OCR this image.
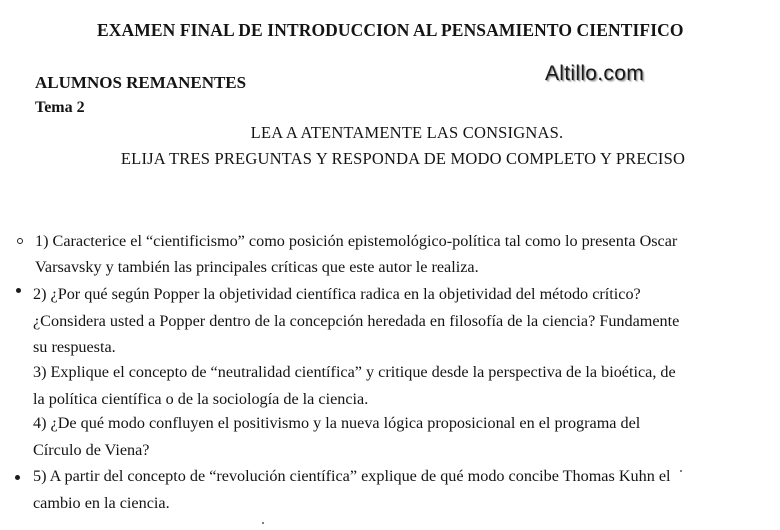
EXAMEN FINAL DE INTRODUCCION AL PENSAMIENTO CIENTIFICO
ALUMNOS REMANENTES
Tema 2
Altillo.com
LEA A ATENTAMENTE LAS CONSIGNAS.
ELIJA TRES PREGUNTAS Y RESPONDA DE MODO COMPLETO Y PRECISO
1) Caracterice el “cientificismo” como posición epistemológico-política tal como lo presenta Oscar
Varsavsky y también las principales críticas que este autor le realiza.
2) ¿Por qué según Popper la objetividad científica radica en la objetividad del método crítico?
¿Considera usted a Popper dentro de la concepción heredada en filosofía de la ciencia? Fundamente
su respuesta.
3) Explique el concepto de “neutralidad científica” y critique desde la perspectiva de la bioética, de
la política científica o de la sociología de la ciencia.
4) ¿De qué modo confluyen el positivismo y la nueva lógica proposicional en el programa del
Círculo de Viena?
5) A partir del concepto de “revolución científica” explique de qué modo concibe Thomas Kuhn el
cambio en la ciencia.
